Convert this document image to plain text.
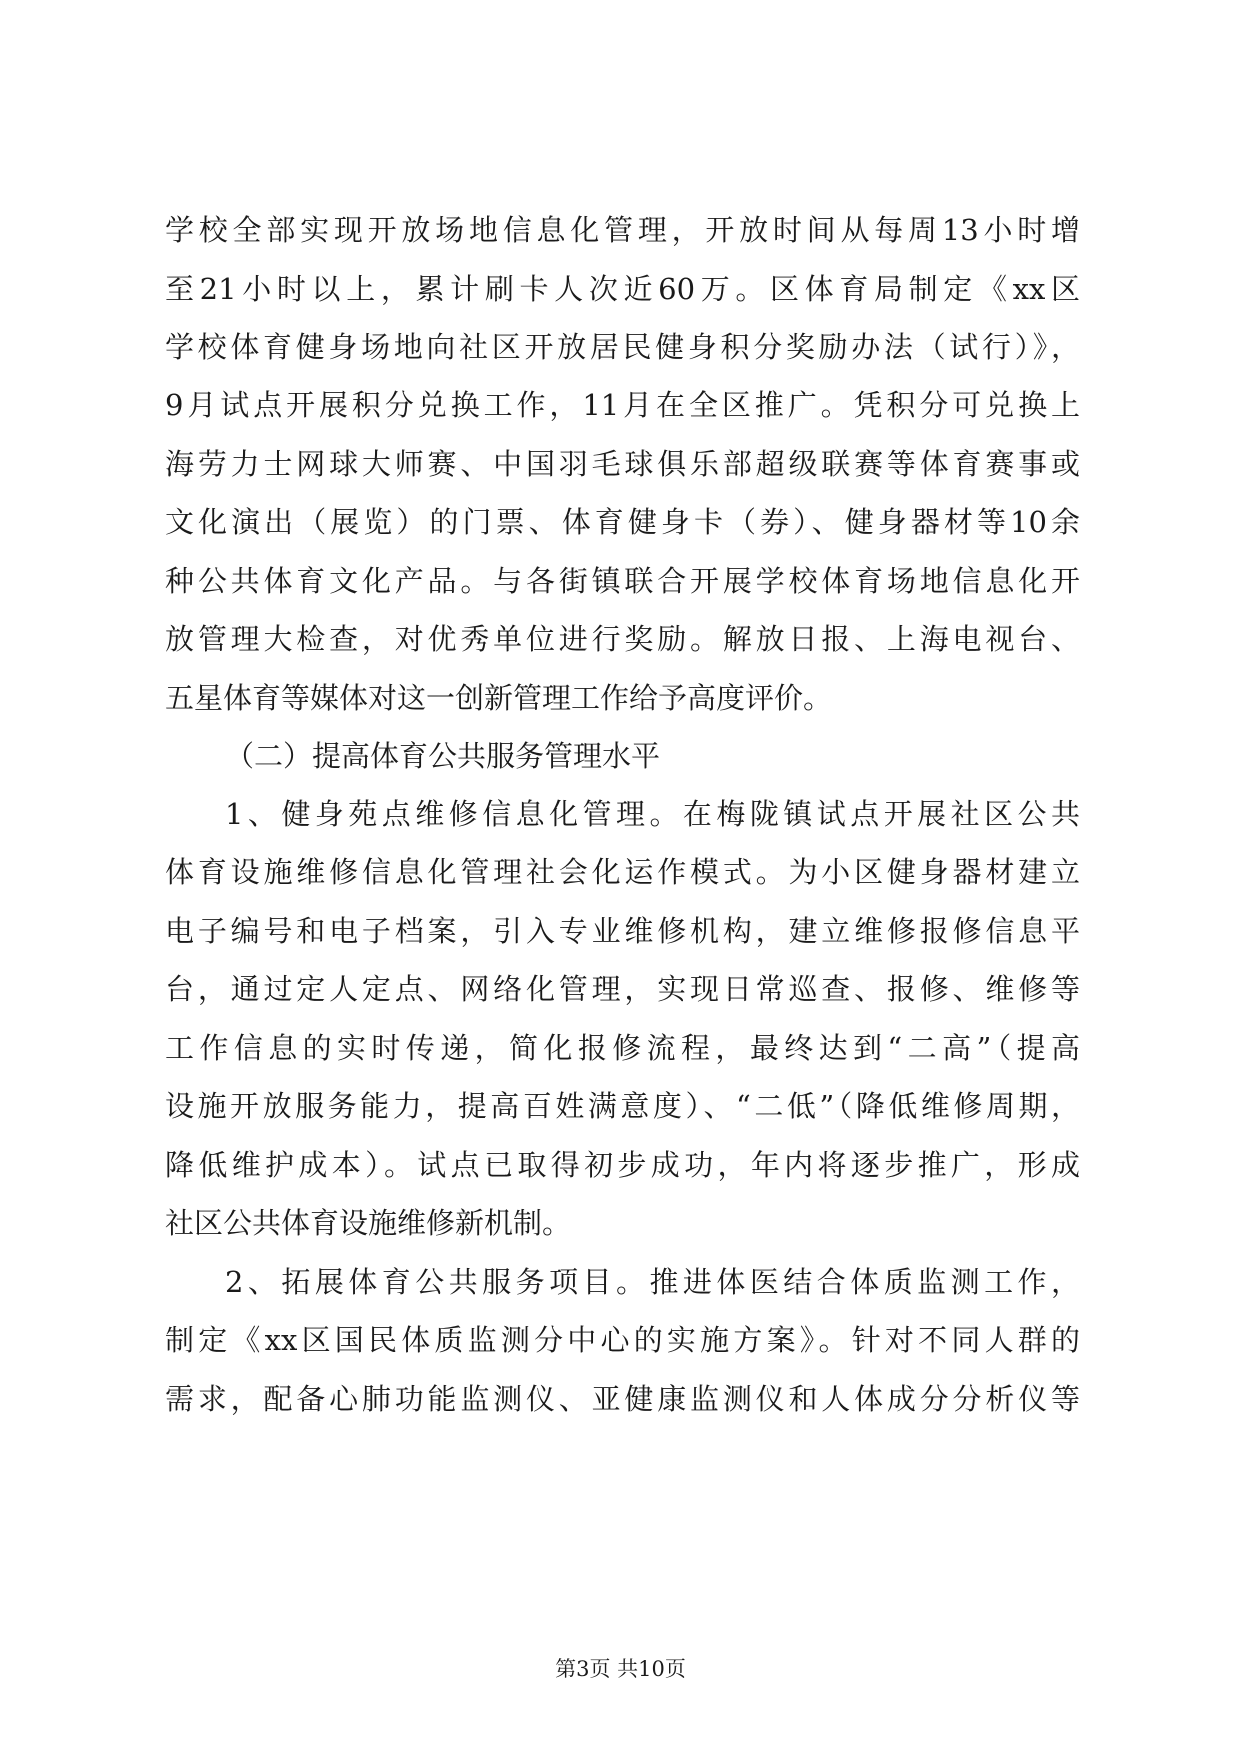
学校全部实现开放场地信息化管理，开放时间从每周13小时增
至21小时以上，累计刷卡人次近60万。区体育局制定《xx区
学校体育健身场地向社区开放居民健身积分奖励办法（试行）》，
9月试点开展积分兑换工作，11月在全区推广。凭积分可兑换上
海劳力士网球大师赛、中国羽毛球俱乐部超级联赛等体育赛事或
文化演出（展览）的门票、体育健身卡（券）、健身器材等10余
种公共体育文化产品。与各街镇联合开展学校体育场地信息化开
放管理大检查，对优秀单位进行奖励。解放日报、上海电视台、
五星体育等媒体对这一创新管理工作给予高度评价。
（二）提高体育公共服务管理水平
1、健身苑点维修信息化管理。在梅陇镇试点开展社区公共
体育设施维修信息化管理社会化运作模式。为小区健身器材建立
电子编号和电子档案，引入专业维修机构，建立维修报修信息平
台，通过定人定点、网络化管理，实现日常巡查、报修、维修等
工作信息的实时传递，简化报修流程，最终达到“二高”（提高
设施开放服务能力，提高百姓满意度）、“二低”（降低维修周期，
降低维护成本）。试点已取得初步成功，年内将逐步推广，形成
社区公共体育设施维修新机制。
2、拓展体育公共服务项目。推进体医结合体质监测工作，
制定《xx区国民体质监测分中心的实施方案》。针对不同人群的
需求，配备心肺功能监测仪、亚健康监测仪和人体成分分析仪等
第3页 共10页
